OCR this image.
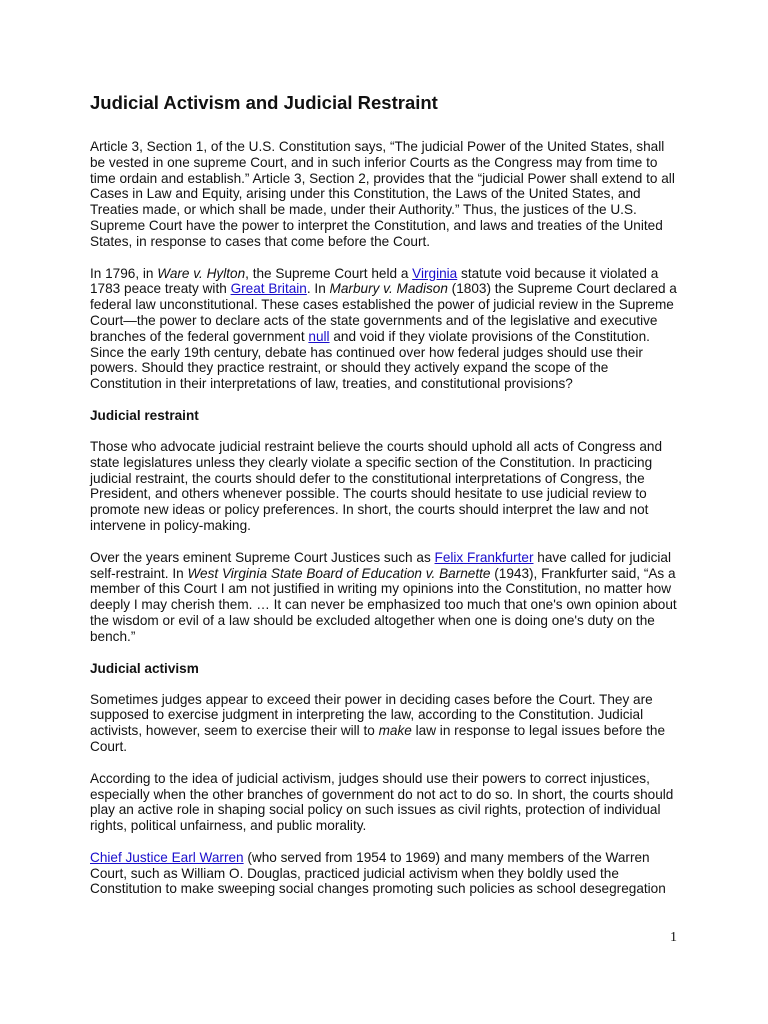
Judicial Activism and Judicial Restraint

Article 3, Section 1, of the U.S. Constitution says, “The judicial Power of the United States, shall be vested in one supreme Court, and in such inferior Courts as the Congress may from time to time ordain and establish.” Article 3, Section 2, provides that the “judicial Power shall extend to all Cases in Law and Equity, arising under this Constitution, the Laws of the United States, and Treaties made, or which shall be made, under their Authority.” Thus, the justices of the U.S. Supreme Court have the power to interpret the Constitution, and laws and treaties of the United States, in response to cases that come before the Court.

In 1796, in Ware v. Hylton, the Supreme Court held a Virginia statute void because it violated a 1783 peace treaty with Great Britain. In Marbury v. Madison (1803) the Supreme Court declared a federal law unconstitutional. These cases established the power of judicial review in the Supreme Court—the power to declare acts of the state governments and of the legislative and executive branches of the federal government null and void if they violate provisions of the Constitution. Since the early 19th century, debate has continued over how federal judges should use their powers. Should they practice restraint, or should they actively expand the scope of the Constitution in their interpretations of law, treaties, and constitutional provisions?

Judicial restraint

Those who advocate judicial restraint believe the courts should uphold all acts of Congress and state legislatures unless they clearly violate a specific section of the Constitution. In practicing judicial restraint, the courts should defer to the constitutional interpretations of Congress, the President, and others whenever possible. The courts should hesitate to use judicial review to promote new ideas or policy preferences. In short, the courts should interpret the law and not intervene in policy-making.

Over the years eminent Supreme Court Justices such as Felix Frankfurter have called for judicial self-restraint. In West Virginia State Board of Education v. Barnette (1943), Frankfurter said, “As a member of this Court I am not justified in writing my opinions into the Constitution, no matter how deeply I may cherish them. … It can never be emphasized too much that one's own opinion about the wisdom or evil of a law should be excluded altogether when one is doing one's duty on the bench.”

Judicial activism

Sometimes judges appear to exceed their power in deciding cases before the Court. They are supposed to exercise judgment in interpreting the law, according to the Constitution. Judicial activists, however, seem to exercise their will to make law in response to legal issues before the Court.

According to the idea of judicial activism, judges should use their powers to correct injustices, especially when the other branches of government do not act to do so. In short, the courts should play an active role in shaping social policy on such issues as civil rights, protection of individual rights, political unfairness, and public morality.

Chief Justice Earl Warren (who served from 1954 to 1969) and many members of the Warren Court, such as William O. Douglas, practiced judicial activism when they boldly used the Constitution to make sweeping social changes promoting such policies as school desegregation

1
